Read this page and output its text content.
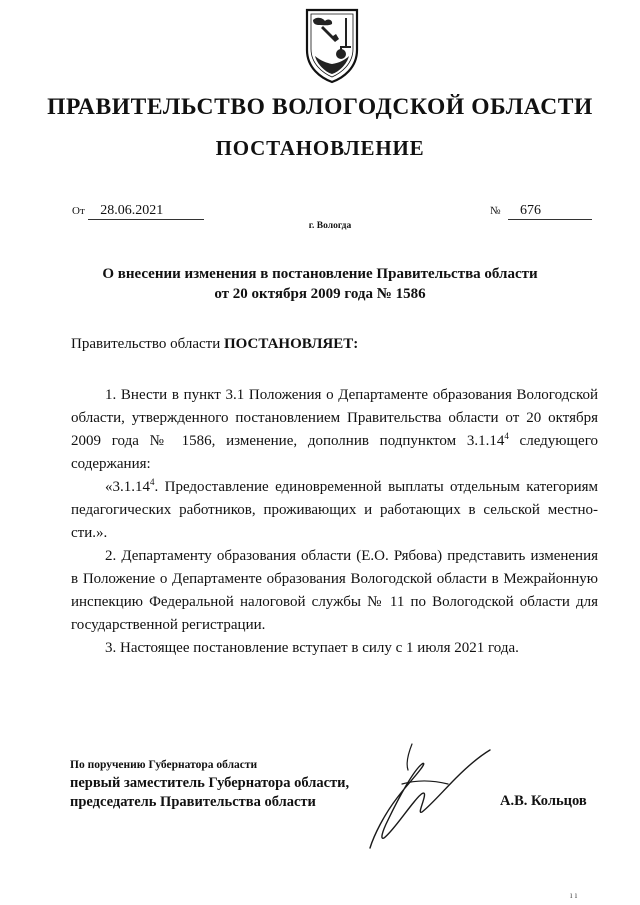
ПРАВИТЕЛЬСТВО ВОЛОГОДСКОЙ ОБЛАСТИ
ПОСТАНОВЛЕНИЕ
От 28.06.2021	№ 676
г. Вологда
О внесении изменения в постановление Правительства области
от 20 октября 2009 года № 1586
Правительство области ПОСТАНОВЛЯЕТ:

1. Внести в пункт 3.1 Положения о Департаменте образования Вологодской области, утвержденного постановлением Правительства области от 20 октября 2009 года № 1586, изменение, дополнив подпунктом 3.1.14$^4$ следующего содержания:

«3.1.14$^4$. Предоставление единовременной выплаты отдельным категориям педагогических работников, проживающих и работающих в сельской местности.».

2. Департаменту образования области (Е.О. Рябова) представить изменения в Положение о Департаменте образования Вологодской области в Межрайонную инспекцию Федеральной налоговой службы № 11 по Вологодской области для государственной регистрации.

3. Настоящее постановление вступает в силу с 1 июля 2021 года.

По поручению Губернатора области
первый заместитель Губернатора области,
председатель Правительства области	А.В. Кольцов
ı ı
